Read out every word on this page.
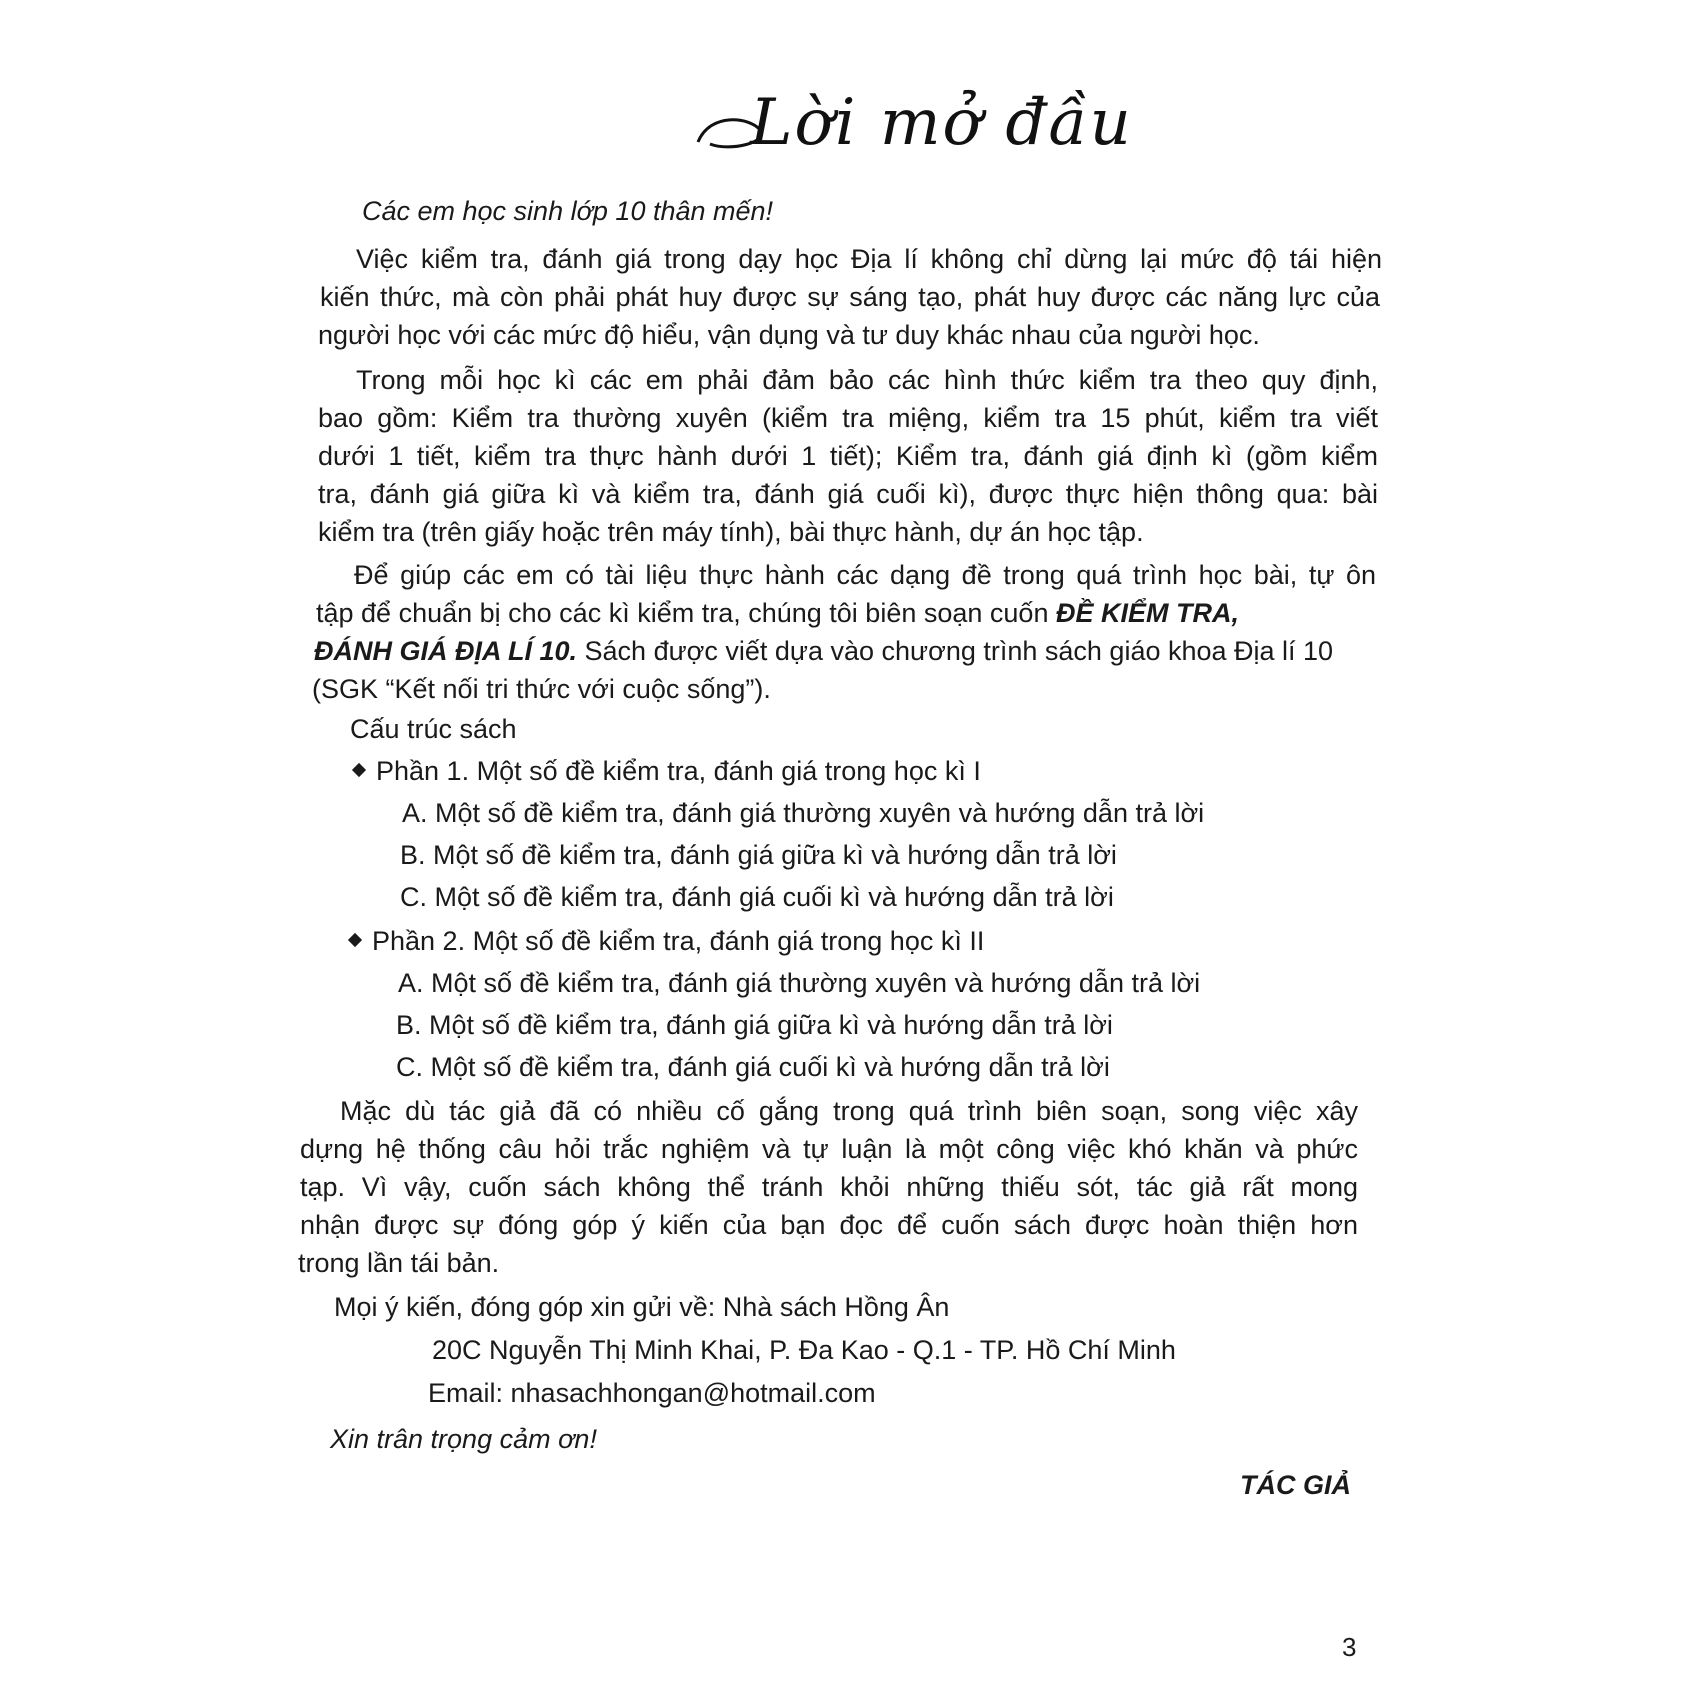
Lời mở đầu
Các em học sinh lớp 10 thân mến!
Việc kiểm tra, đánh giá trong dạy học Địa lí không chỉ dừng lại mức độ tái hiện
kiến thức, mà còn phải phát huy được sự sáng tạo, phát huy được các năng lực của
người học với các mức độ hiểu, vận dụng và tư duy khác nhau của người học.
Trong mỗi học kì các em phải đảm bảo các hình thức kiểm tra theo quy định,
bao gồm: Kiểm tra thường xuyên (kiểm tra miệng, kiểm tra 15 phút, kiểm tra viết
dưới 1 tiết, kiểm tra thực hành dưới 1 tiết); Kiểm tra, đánh giá định kì (gồm kiểm
tra, đánh giá giữa kì và kiểm tra, đánh giá cuối kì), được thực hiện thông qua: bài
kiểm tra (trên giấy hoặc trên máy tính), bài thực hành, dự án học tập.
Để giúp các em có tài liệu thực hành các dạng đề trong quá trình học bài, tự ôn
tập để chuẩn bị cho các kì kiểm tra, chúng tôi biên soạn cuốn ĐỀ KIỂM TRA,
ĐÁNH GIÁ ĐỊA LÍ 10. Sách được viết dựa vào chương trình sách giáo khoa Địa lí 10
(SGK “Kết nối tri thức với cuộc sống”).
Cấu trúc sách
Phần 1. Một số đề kiểm tra, đánh giá trong học kì I
A. Một số đề kiểm tra, đánh giá thường xuyên và hướng dẫn trả lời
B. Một số đề kiểm tra, đánh giá giữa kì và hướng dẫn trả lời
C. Một số đề kiểm tra, đánh giá cuối kì và hướng dẫn trả lời
Phần 2. Một số đề kiểm tra, đánh giá trong học kì II
A. Một số đề kiểm tra, đánh giá thường xuyên và hướng dẫn trả lời
B. Một số đề kiểm tra, đánh giá giữa kì và hướng dẫn trả lời
C. Một số đề kiểm tra, đánh giá cuối kì và hướng dẫn trả lời
Mặc dù tác giả đã có nhiều cố gắng trong quá trình biên soạn, song việc xây
dựng hệ thống câu hỏi trắc nghiệm và tự luận là một công việc khó khăn và phức
tạp. Vì vậy, cuốn sách không thể tránh khỏi những thiếu sót, tác giả rất mong
nhận được sự đóng góp ý kiến của bạn đọc để cuốn sách được hoàn thiện hơn
trong lần tái bản.
Mọi ý kiến, đóng góp xin gửi về: Nhà sách Hồng Ân
20C Nguyễn Thị Minh Khai, P. Đa Kao - Q.1 - TP. Hồ Chí Minh
Email: nhasachhongan@hotmail.com
Xin trân trọng cảm ơn!
TÁC GIẢ
3
